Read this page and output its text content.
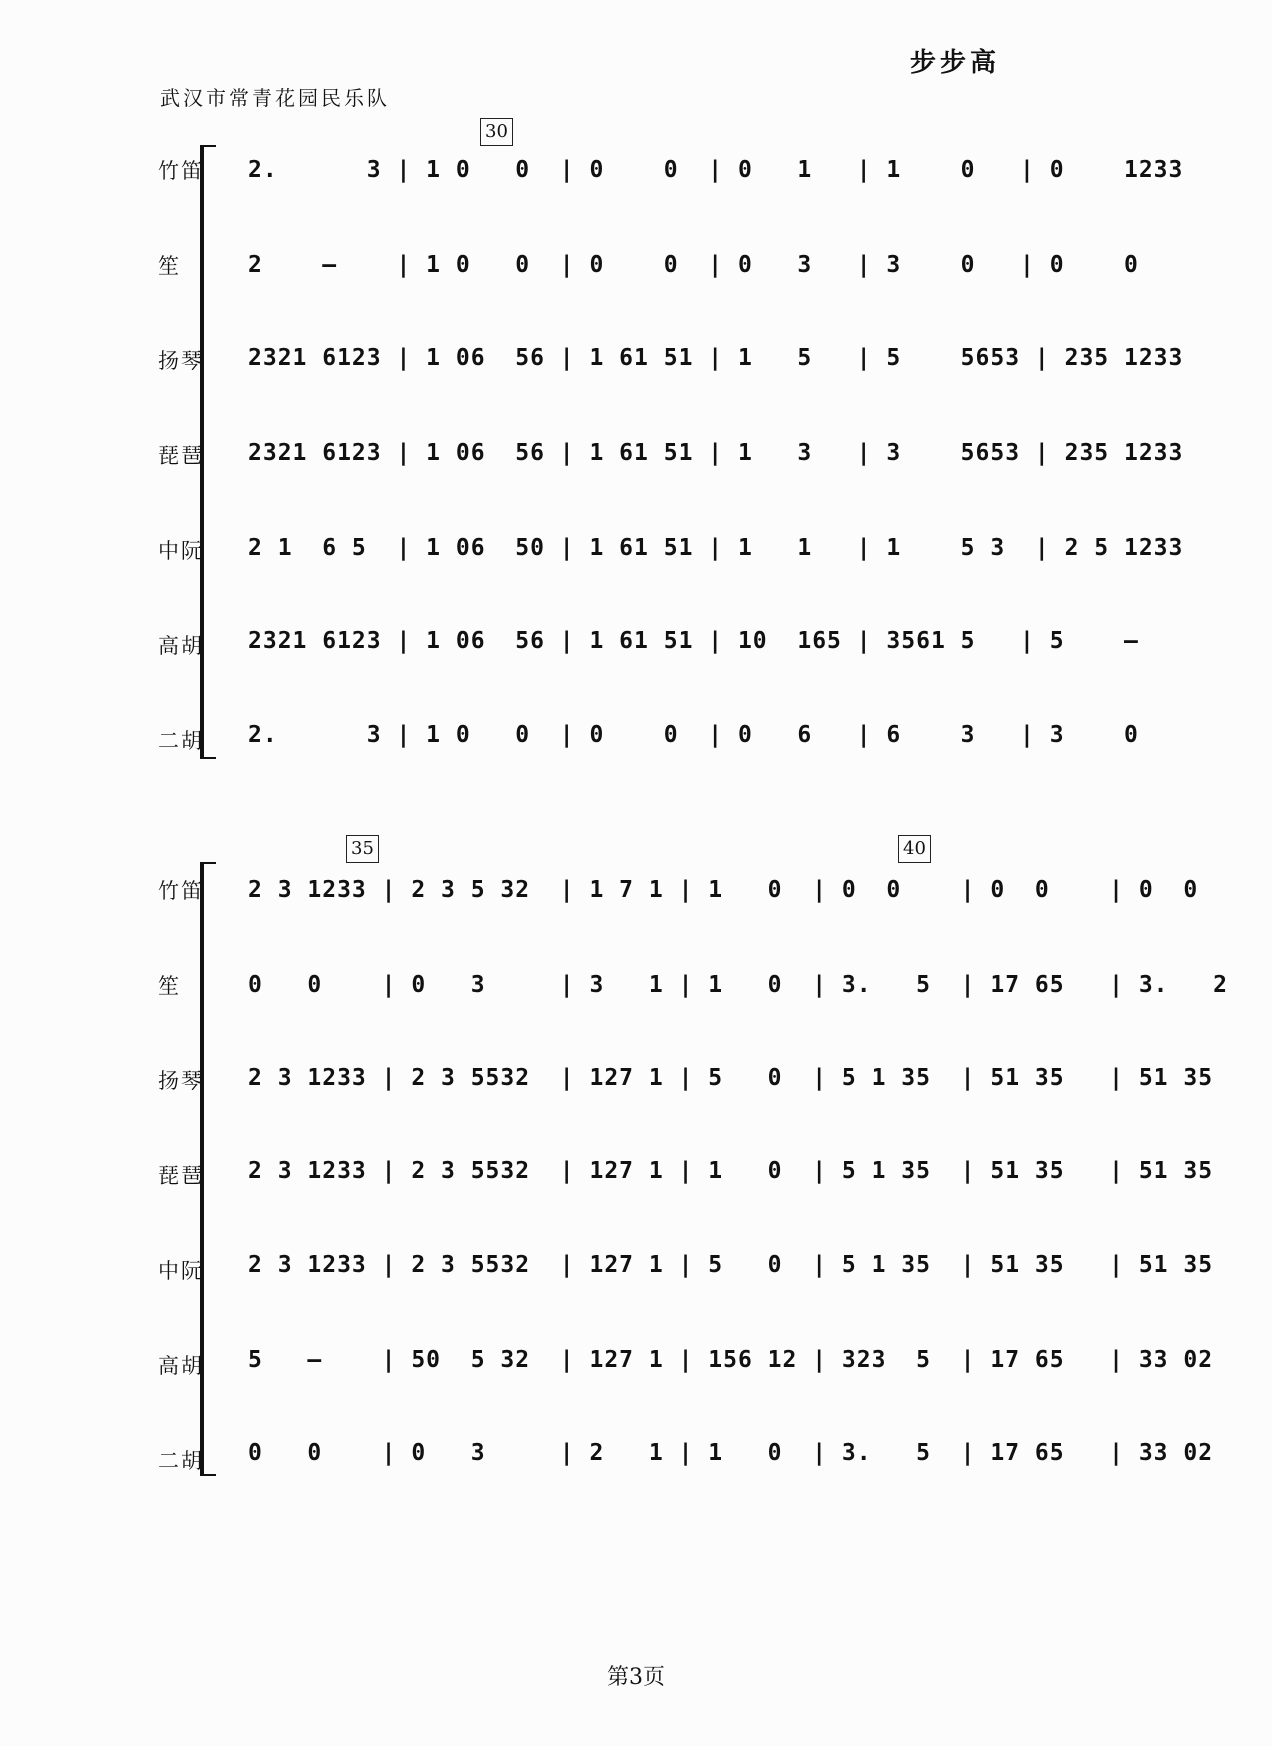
步步高
武汉市常青花园民乐队
30
竹笛 2.      3 | 1 0   0  | 0    0  | 0   1   | 1    0   | 0    1233
笙	2    –    | 1 0   0  | 0    0  | 0   3   | 3    0   | 0    0
扬琴 2321 6123 | 1 06  56 | 1 61 51 | 1   5   | 5    5653 | 235 1233
琵琶 2321 6123 | 1 06  56 | 1 61 51 | 1   3   | 3    5653 | 235 1233
中阮 2 1  6 5  | 1 06  50 | 1 61 51 | 1   1   | 1    5 3  | 2 5 1233
高胡 2321 6123 | 1 06  56 | 1 61 51 | 10  165 | 3561 5   | 5    –
二胡 2.      3 | 1 0   0  | 0    0  | 0   6   | 6    3   | 3    0
35	40
竹笛 2 3 1233 | 2 3 5 32  | 1 7 1 | 1   0  | 0  0    | 0  0    | 0  0
笙	0   0    | 0   3     | 3   1 | 1   0  | 3.   5  | 17 65   | 3.   2
扬琴 2 3 1233 | 2 3 5532  | 127 1 | 5   0  | 5 1 35  | 51 35   | 51 35
琵琶 2 3 1233 | 2 3 5532  | 127 1 | 1   0  | 5 1 35  | 51 35   | 51 35
中阮 2 3 1233 | 2 3 5532  | 127 1 | 5   0  | 5 1 35  | 51 35   | 51 35
高胡 5   –    | 50  5 32  | 127 1 | 156 12 | 323  5  | 17 65   | 33 02
二胡 0   0    | 0   3     | 2   1 | 1   0  | 3.   5  | 17 65   | 33 02
第3页
